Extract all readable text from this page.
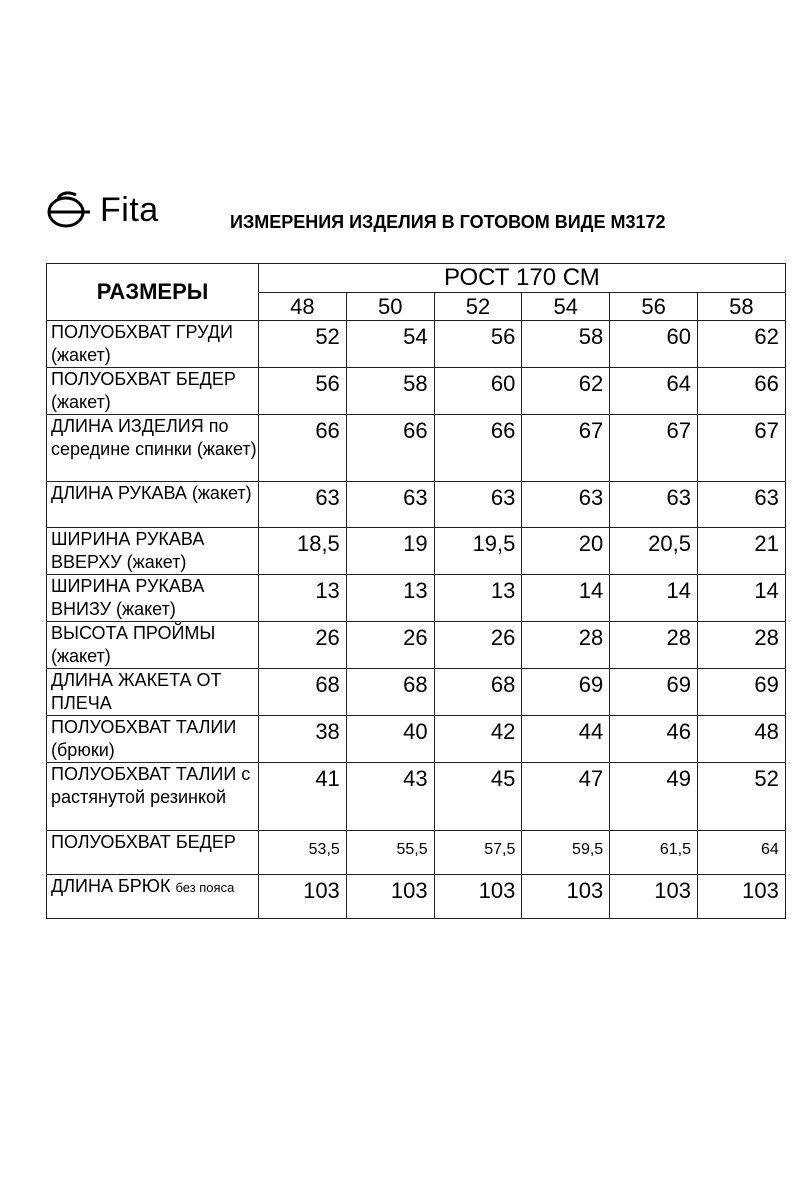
Fita	ИЗМЕРЕНИЯ ИЗДЕЛИЯ В ГОТОВОМ ВИДЕ М3172
РАЗМЕРЫ	РОСТ 170 СМ					
	48	50	52	54	56	58
ПОЛУОБХВАТ ГРУДИ (жакет)	52	54	56	58	60	62
ПОЛУОБХВАТ БЕДЕР (жакет)	56	58	60	62	64	66
ДЛИНА ИЗДЕЛИЯ по середине спинки (жакет)	66	66	66	67	67	67
ДЛИНА РУКАВА (жакет)	63	63	63	63	63	63
ШИРИНА РУКАВА ВВЕРХУ (жакет)	18,5	19	19,5	20	20,5	21
ШИРИНА РУКАВА ВНИЗУ (жакет)	13	13	13	14	14	14
ВЫСОТА ПРОЙМЫ (жакет)	26	26	26	28	28	28
ДЛИНА ЖАКЕТА ОТ ПЛЕЧА	68	68	68	69	69	69
ПОЛУОБХВАТ ТАЛИИ (брюки)	38	40	42	44	46	48
ПОЛУОБХВАТ ТАЛИИ с растянутой резинкой	41	43	45	47	49	52
ПОЛУОБХВАТ БЕДЕР	53,5	55,5	57,5	59,5	61,5	64
ДЛИНА БРЮК без пояса	103	103	103	103	103	103
